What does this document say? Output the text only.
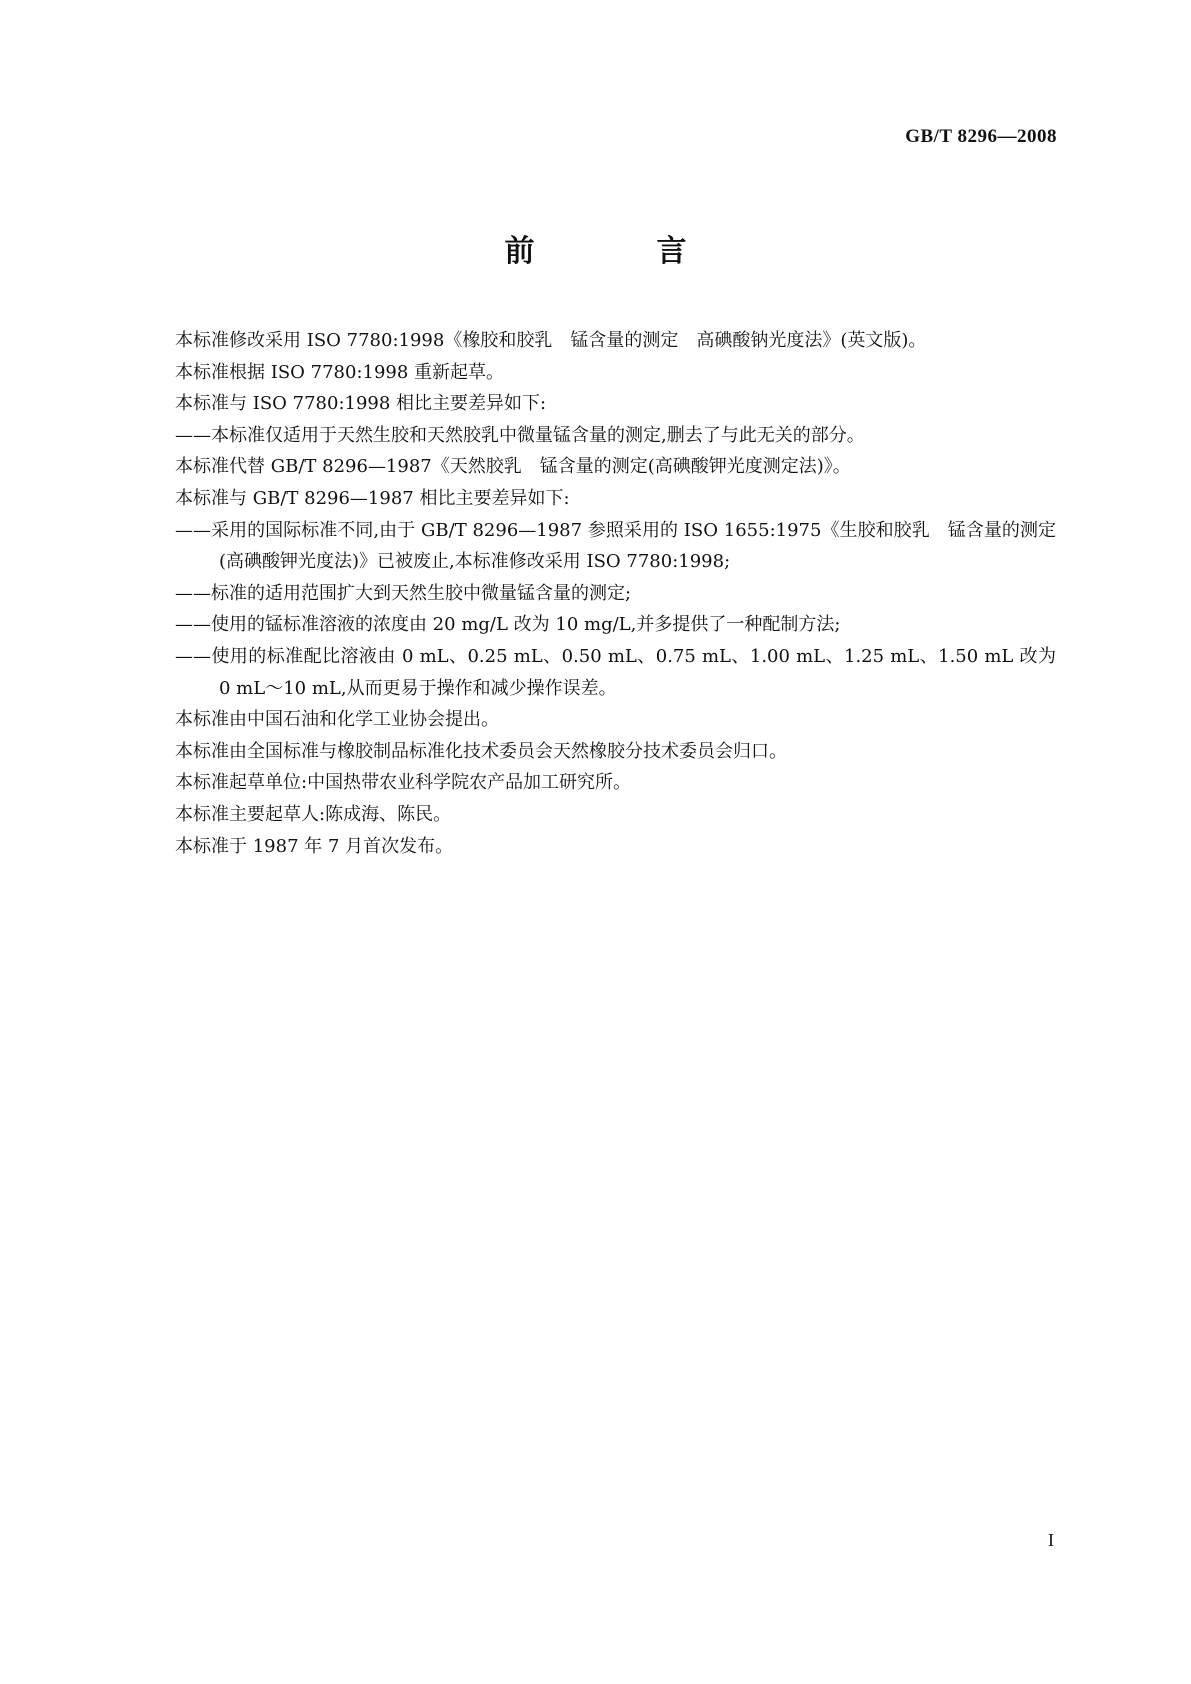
GB/T 8296—2008
前　言

本标准修改采用 ISO 7780:1998《橡胶和胶乳　锰含量的测定　高碘酸钠光度法》(英文版)。

本标准根据 ISO 7780:1998 重新起草。

本标准与 ISO 7780:1998 相比主要差异如下:

——本标准仅适用于天然生胶和天然胶乳中微量锰含量的测定,删去了与此无关的部分。

本标准代替 GB/T 8296—1987《天然胶乳　锰含量的测定(高碘酸钾光度测定法)》。

本标准与 GB/T 8296—1987 相比主要差异如下:

——采用的国际标准不同,由于 GB/T 8296—1987 参照采用的 ISO 1655:1975《生胶和胶乳　锰含量的测定(高碘酸钾光度法)》已被废止,本标准修改采用 ISO 7780:1998;

——标准的适用范围扩大到天然生胶中微量锰含量的测定;

——使用的锰标准溶液的浓度由 20 mg/L 改为 10 mg/L,并多提供了一种配制方法;

——使用的标准配比溶液由 0 mL、0.25 mL、0.50 mL、0.75 mL、1.00 mL、1.25 mL、1.50 mL 改为 0 mL～10 mL,从而更易于操作和减少操作误差。

本标准由中国石油和化学工业协会提出。

本标准由全国标准与橡胶制品标准化技术委员会天然橡胶分技术委员会归口。

本标准起草单位:中国热带农业科学院农产品加工研究所。

本标准主要起草人:陈成海、陈民。

本标准于 1987 年 7 月首次发布。

I
